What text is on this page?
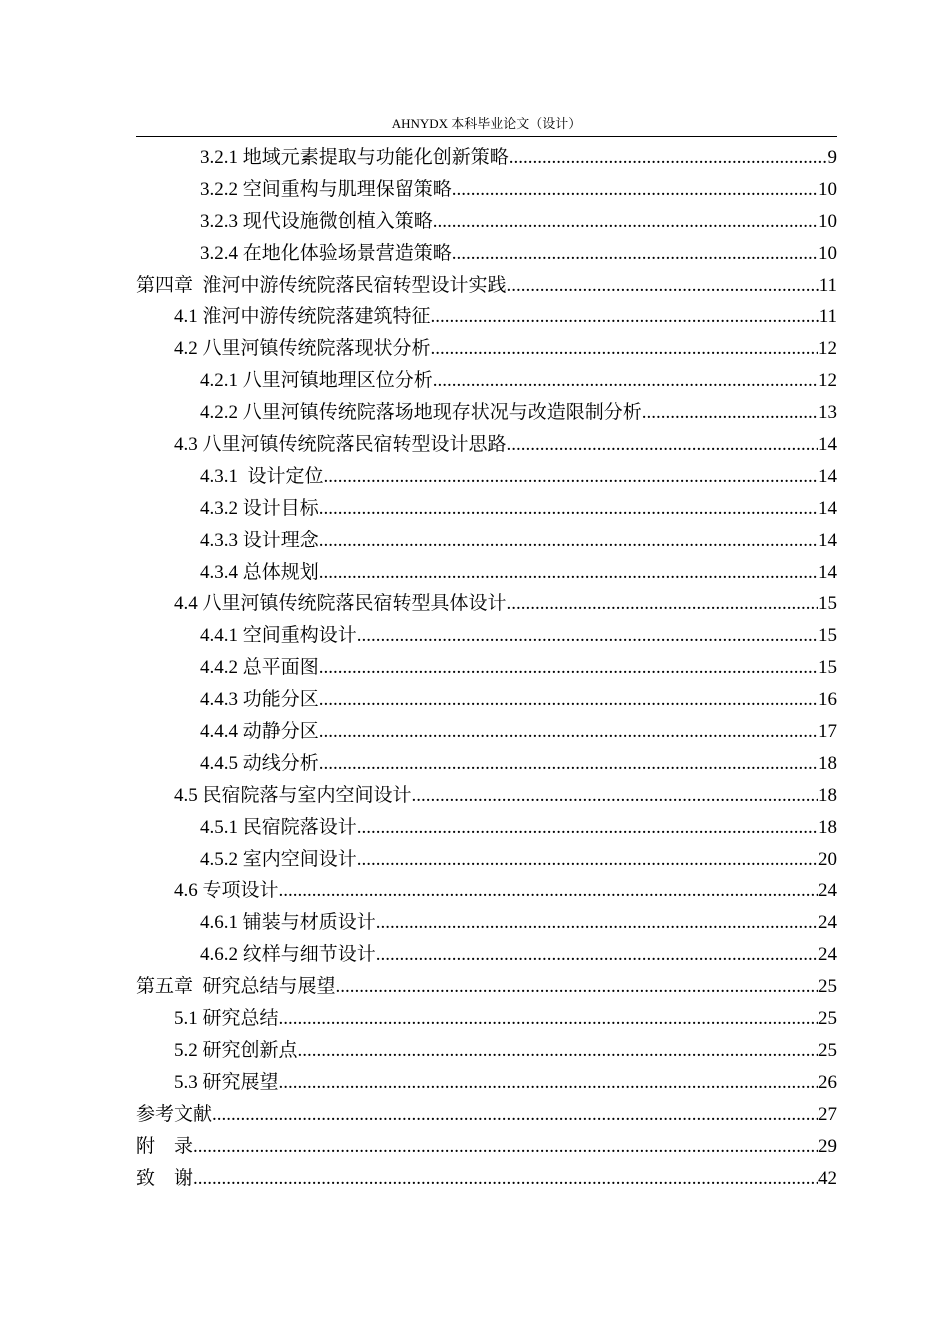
AHNYDX 本科毕业论文（设计）
3.2.1 地域元素提取与功能化创新策略 .....	9
3.2.2 空间重构与肌理保留策略 .....	10
3.2.3 现代设施微创植入策略 .....	10
3.2.4 在地化体验场景营造策略 .....	10
第四章  淮河中游传统院落民宿转型设计实践 .....	11
4.1 淮河中游传统院落建筑特征 .....	11
4.2 八里河镇传统院落现状分析 .....	12
4.2.1 八里河镇地理区位分析 .....	12
4.2.2 八里河镇传统院落场地现存状况与改造限制分析 .....	13
4.3 八里河镇传统院落民宿转型设计思路 .....	14
4.3.1  设计定位 .....	14
4.3.2 设计目标 .....	14
4.3.3 设计理念 .....	14
4.3.4 总体规划 .....	14
4.4 八里河镇传统院落民宿转型具体设计 .....	15
4.4.1 空间重构设计 .....	15
4.4.2 总平面图 .....	15
4.4.3 功能分区 .....	16
4.4.4 动静分区 .....	17
4.4.5 动线分析 .....	18
4.5 民宿院落与室内空间设计 .....	18
4.5.1 民宿院落设计 .....	18
4.5.2 室内空间设计 .....	20
4.6 专项设计 .....	24
4.6.1 铺装与材质设计 .....	24
4.6.2 纹样与细节设计 .....	24
第五章  研究总结与展望 .....	25
5.1 研究总结 .....	25
5.2 研究创新点 .....	25
5.3 研究展望 .....	26
参考文献 .....	27
附    录 .....	29
致    谢 .....	42
